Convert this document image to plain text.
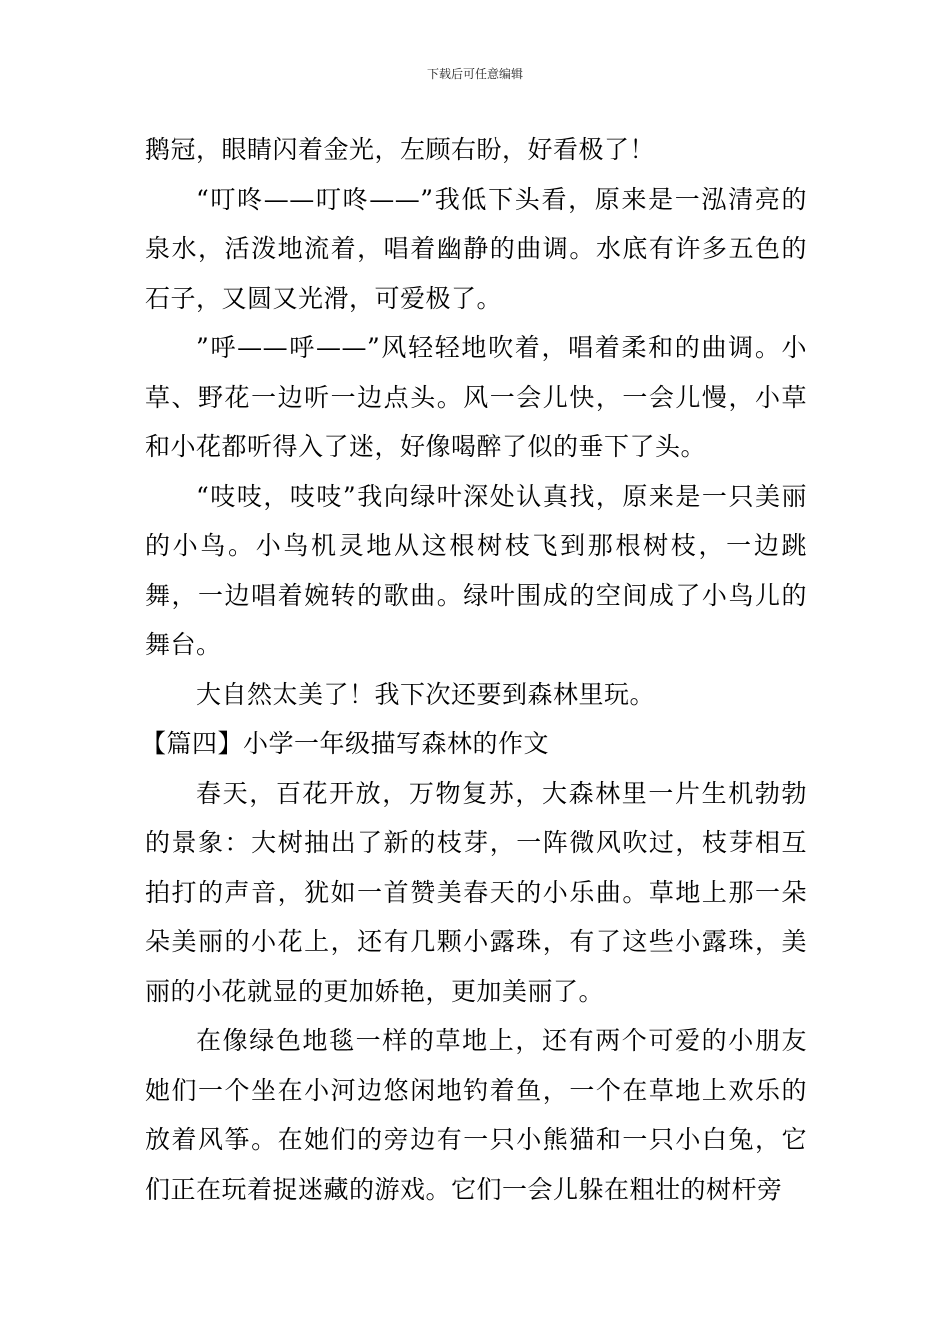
下载后可任意编辑

鹅冠，眼睛闪着金光，左顾右盼，好看极了！

“叮咚——叮咚——”我低下头看，原来是一泓清亮的泉水，活泼地流着，唱着幽静的曲调。水底有许多五色的石子，又圆又光滑，可爱极了。

”呼——呼——”风轻轻地吹着，唱着柔和的曲调。小草、野花一边听一边点头。风一会儿快，一会儿慢，小草和小花都听得入了迷，好像喝醉了似的垂下了头。

“吱吱，吱吱”我向绿叶深处认真找，原来是一只美丽的小鸟。小鸟机灵地从这根树枝飞到那根树枝，一边跳舞，一边唱着婉转的歌曲。绿叶围成的空间成了小鸟儿的舞台。

大自然太美了！我下次还要到森林里玩。

【篇四】小学一年级描写森林的作文

春天，百花开放，万物复苏，大森林里一片生机勃勃的景象：大树抽出了新的枝芽，一阵微风吹过，枝芽相互拍打的声音，犹如一首赞美春天的小乐曲。草地上那一朵朵美丽的小花上，还有几颗小露珠，有了这些小露珠，美丽的小花就显的更加娇艳，更加美丽了。

在像绿色地毯一样的草地上，还有两个可爱的小朋友她们一个坐在小河边悠闲地钓着鱼，一个在草地上欢乐的放着风筝。在她们的旁边有一只小熊猫和一只小白兔，它们正在玩着捉迷藏的游戏。它们一会儿躲在粗壮的树杆旁
